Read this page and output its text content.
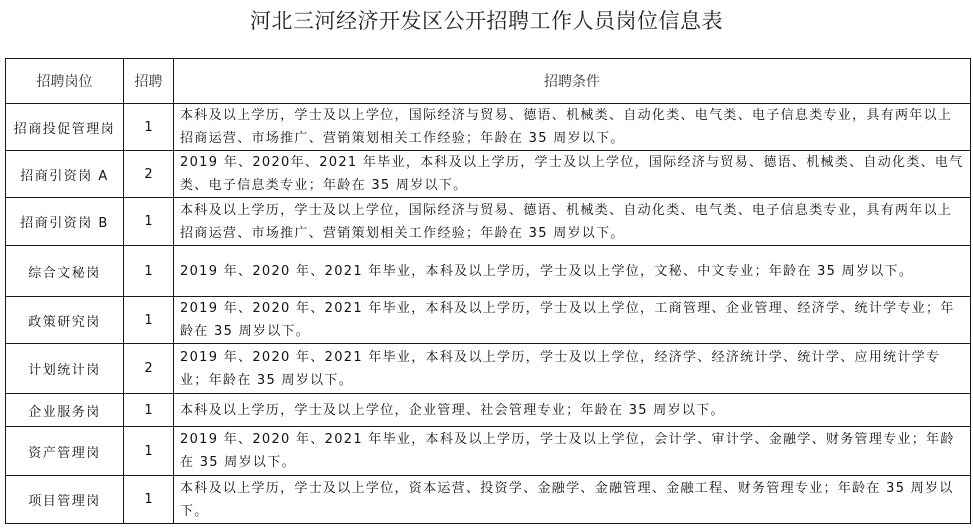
河北三河经济开发区公开招聘工作人员岗位信息表
招聘岗位	招聘	招聘条件
招商投促管理岗	1	本科及以上学历，学士及以上学位，国际经济与贸易、德语、机械类、自动化类、电气类、电子信息类专业，具有两年以上招商运营、市场推广、营销策划相关工作经验；年龄在 35 周岁以下。
招商引资岗 A	2	2019 年、2020年、2021 年毕业，本科及以上学历，学士及以上学位，国际经济与贸易、德语、机械类、自动化类、电气类、电子信息类专业；年龄在 35 周岁以下。
招商引资岗 B	1	本科及以上学历，学士及以上学位，国际经济与贸易、德语、机械类、自动化类、电气类、电子信息类专业，具有两年以上招商运营、市场推广、营销策划相关工作经验；年龄在 35 周岁以下。
综合文秘岗	1	2019 年、2020 年、2021 年毕业，本科及以上学历，学士及以上学位，文秘、中文专业；年龄在 35 周岁以下。
政策研究岗	1	2019 年、2020 年、2021 年毕业，本科及以上学历，学士及以上学位，工商管理、企业管理、经济学、统计学专业；年龄在 35 周岁以下。
计划统计岗	2	2019 年、2020 年、2021 年毕业，本科及以上学历，学士及以上学位，经济学、经济统计学、统计学、应用统计学专业；年龄在 35 周岁以下。
企业服务岗	1	本科及以上学历，学士及以上学位，企业管理、社会管理专业；年龄在 35 周岁以下。
资产管理岗	1	2019 年、2020 年、2021 年毕业，本科及以上学历，学士及以上学位，会计学、审计学、金融学、财务管理专业；年龄在 35 周岁以下。
项目管理岗	1	本科及以上学历，学士及以上学位，资本运营、投资学、金融学、金融管理、金融工程、财务管理专业；年龄在 35 周岁以下。
